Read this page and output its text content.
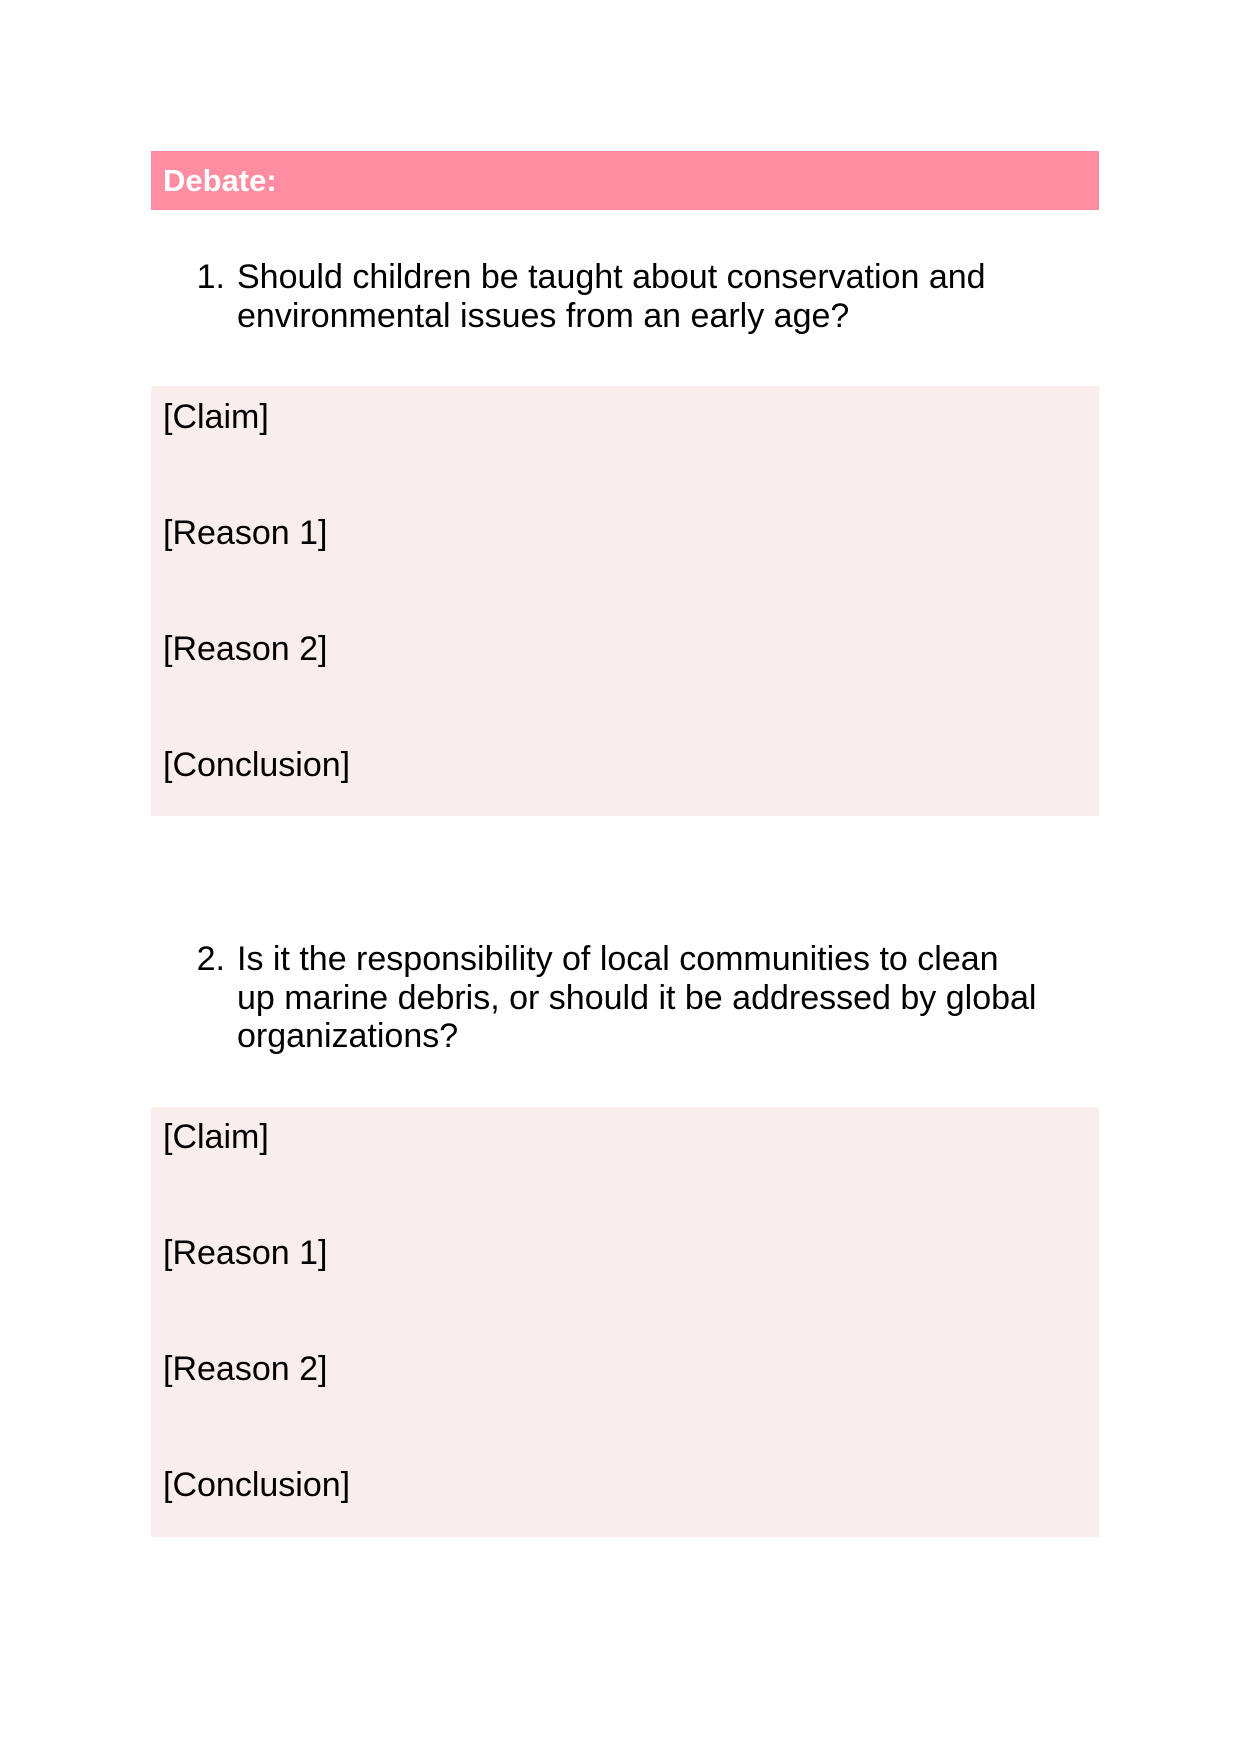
Debate:
1. Should children be taught about conservation and environmental issues from an early age?
[Claim]
[Reason 1]
[Reason 2]
[Conclusion]
2. Is it the responsibility of local communities to clean up marine debris, or should it be addressed by global organizations?
[Claim]
[Reason 1]
[Reason 2]
[Conclusion]
